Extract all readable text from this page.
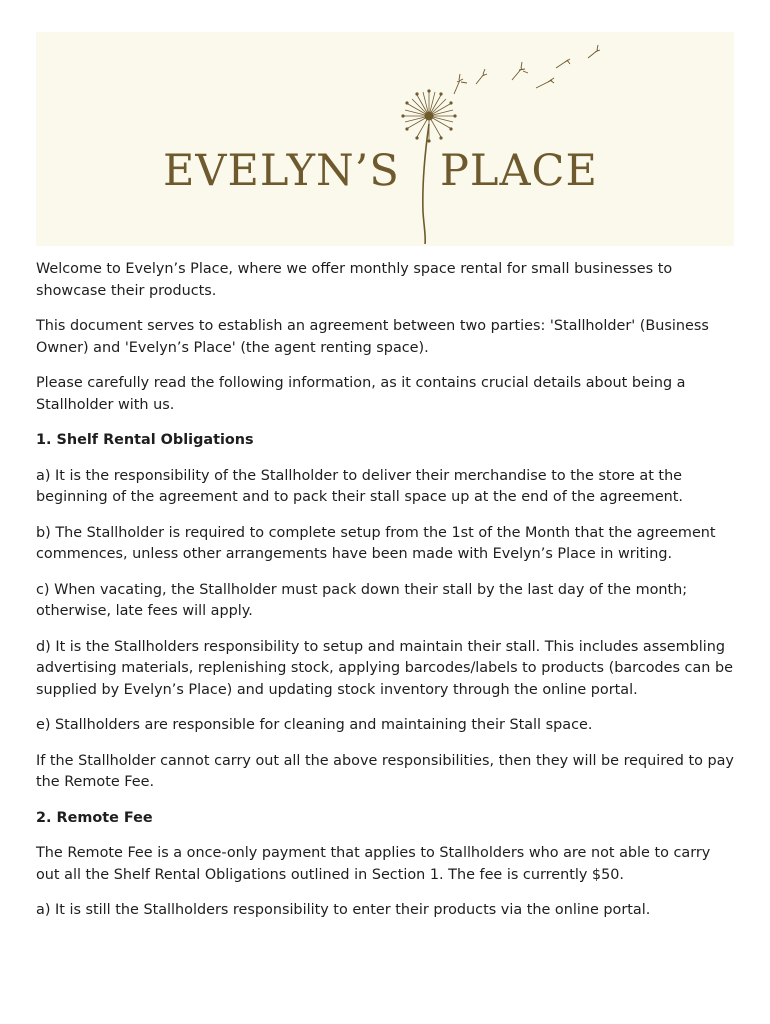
EVELYN’S PLACE

Welcome to Evelyn’s Place, where we offer monthly space rental for small businesses to showcase their products.

This document serves to establish an agreement between two parties: 'Stallholder' (Business Owner) and 'Evelyn’s Place' (the agent renting space).

Please carefully read the following information, as it contains crucial details about being a Stallholder with us.

1. Shelf Rental Obligations

a) It is the responsibility of the Stallholder to deliver their merchandise to the store at the beginning of the agreement and to pack their stall space up at the end of the agreement.

b) The Stallholder is required to complete setup from the 1st of the Month that the agreement commences, unless other arrangements have been made with Evelyn’s Place in writing.

c) When vacating, the Stallholder must pack down their stall by the last day of the month; otherwise, late fees will apply.

d) It is the Stallholders responsibility to setup and maintain their stall. This includes assembling advertising materials, replenishing stock, applying barcodes/labels to products (barcodes can be supplied by Evelyn’s Place) and updating stock inventory through the online portal.

e) Stallholders are responsible for cleaning and maintaining their Stall space.

If the Stallholder cannot carry out all the above responsibilities, then they will be required to pay the Remote Fee.

2. Remote Fee

The Remote Fee is a once-only payment that applies to Stallholders who are not able to carry out all the Shelf Rental Obligations outlined in Section 1. The fee is currently $50.

a) It is still the Stallholders responsibility to enter their products via the online portal.
